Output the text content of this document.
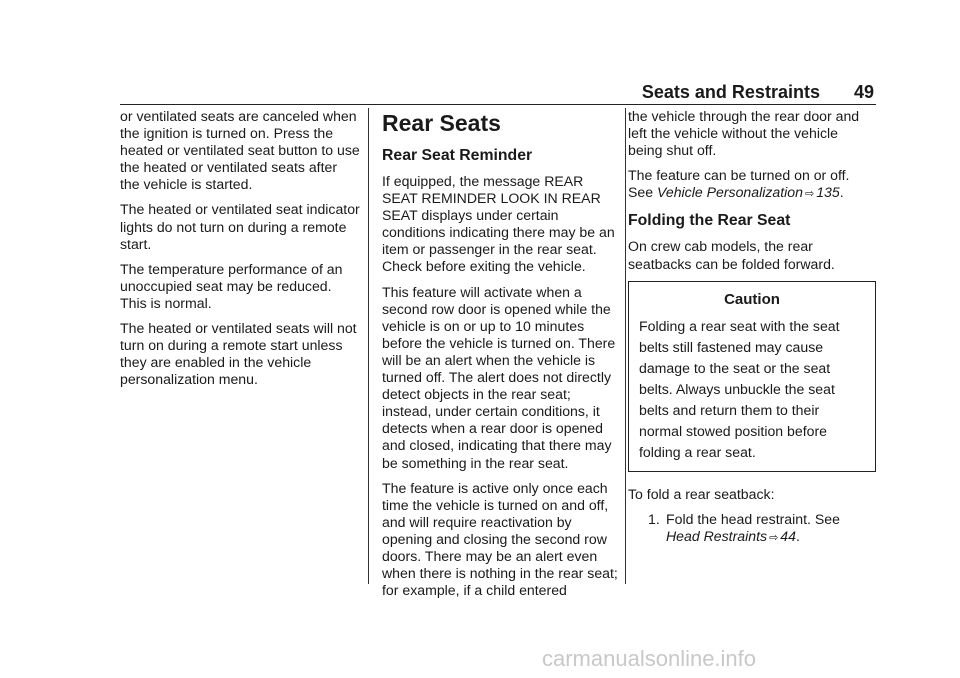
Seats and Restraints 49

or ventilated seats are canceled when the ignition is turned on. Press the heated or ventilated seat button to use the heated or ventilated seats after the vehicle is started.

The heated or ventilated seat indicator lights do not turn on during a remote start.

The temperature performance of an unoccupied seat may be reduced. This is normal.

The heated or ventilated seats will not turn on during a remote start unless they are enabled in the vehicle personalization menu.

Rear Seats
Rear Seat Reminder

If equipped, the message REAR SEAT REMINDER LOOK IN REAR SEAT displays under certain conditions indicating there may be an item or passenger in the rear seat. Check before exiting the vehicle.

This feature will activate when a second row door is opened while the vehicle is on or up to 10 minutes before the vehicle is turned on. There will be an alert when the vehicle is turned off. The alert does not directly detect objects in the rear seat; instead, under certain conditions, it detects when a rear door is opened and closed, indicating that there may be something in the rear seat.

The feature is active only once each time the vehicle is turned on and off, and will require reactivation by opening and closing the second row doors. There may be an alert even when there is nothing in the rear seat; for example, if a child entered

the vehicle through the rear door and left the vehicle without the vehicle being shut off.

The feature can be turned on or off. See Vehicle Personalization ⇨ 135.

Folding the Rear Seat

On crew cab models, the rear seatbacks can be folded forward.

Caution
Folding a rear seat with the seat belts still fastened may cause damage to the seat or the seat belts. Always unbuckle the seat belts and return them to their normal stowed position before folding a rear seat.

To fold a rear seatback:

1. Fold the head restraint. See Head Restraints ⇨ 44.
carmanualsonline.info
